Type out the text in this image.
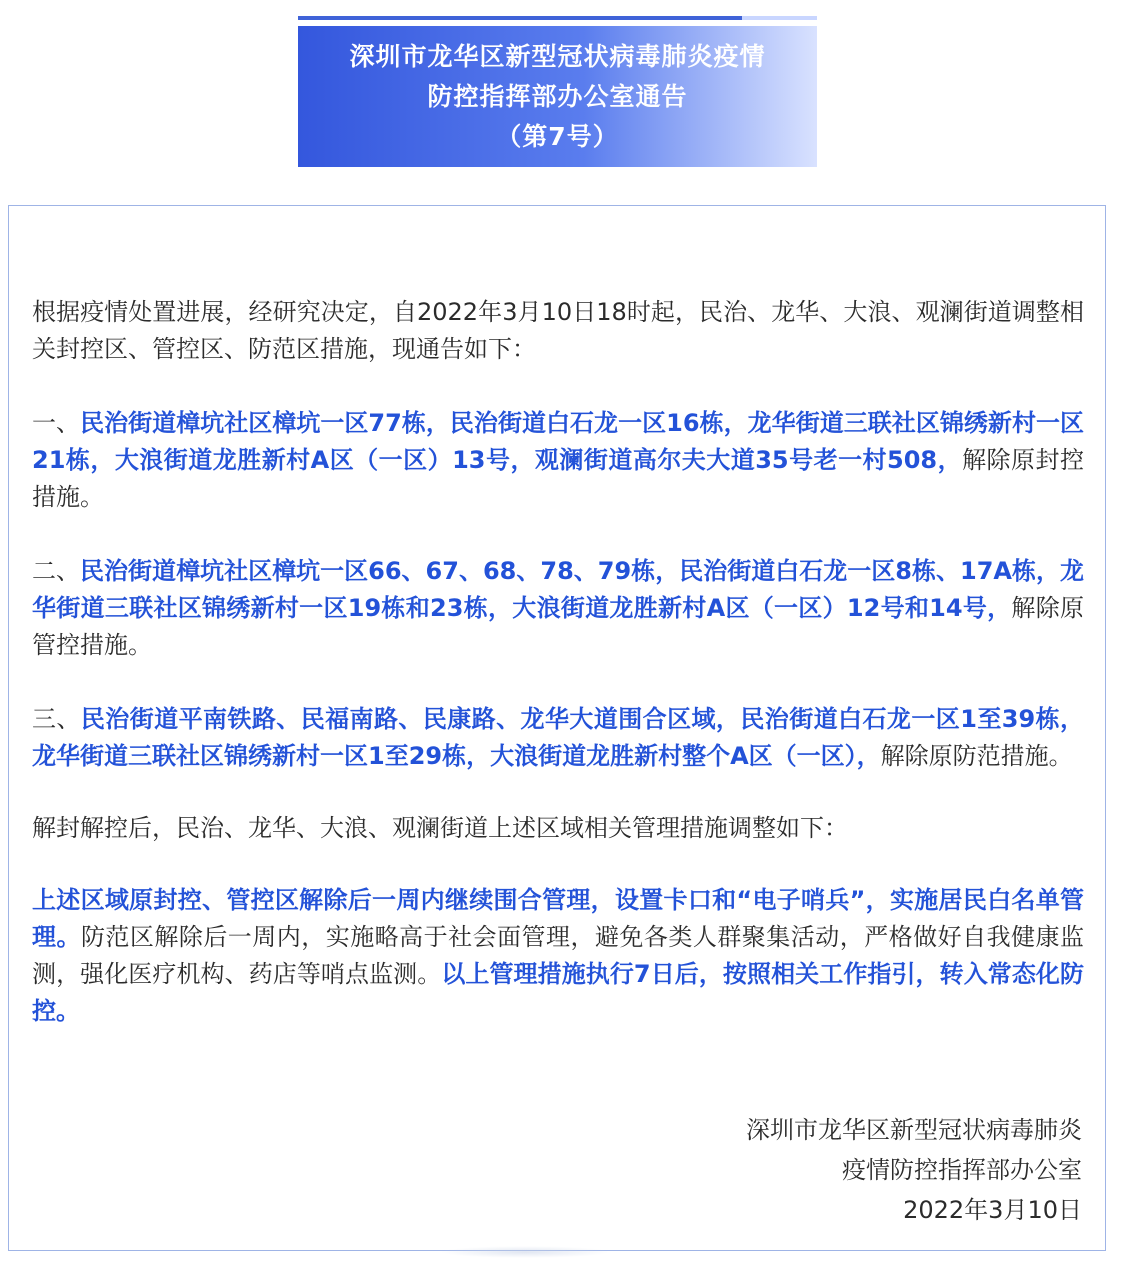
深圳市龙华区新型冠状病毒肺炎疫情
防控指挥部办公室通告
（第7号）

根据疫情处置进展，经研究决定，自2022年3月10日18时起，民治、龙华、大浪、观澜街道调整相关封控区、管控区、防范区措施，现通告如下：

一、民治街道樟坑社区樟坑一区77栋，民治街道白石龙一区16栋，龙华街道三联社区锦绣新村一区21栋，大浪街道龙胜新村A区（一区）13号，观澜街道高尔夫大道35号老一村508，解除原封控措施。

二、民治街道樟坑社区樟坑一区66、67、68、78、79栋，民治街道白石龙一区8栋、17A栋，龙华街道三联社区锦绣新村一区19栋和23栋，大浪街道龙胜新村A区（一区）12号和14号，解除原管控措施。

三、民治街道平南铁路、民福南路、民康路、龙华大道围合区域，民治街道白石龙一区1至39栋，龙华街道三联社区锦绣新村一区1至29栋，大浪街道龙胜新村整个A区（一区），解除原防范措施。

解封解控后，民治、龙华、大浪、观澜街道上述区域相关管理措施调整如下：

上述区域原封控、管控区解除后一周内继续围合管理，设置卡口和“电子哨兵”，实施居民白名单管理。防范区解除后一周内，实施略高于社会面管理，避免各类人群聚集活动，严格做好自我健康监测，强化医疗机构、药店等哨点监测。以上管理措施执行7日后，按照相关工作指引，转入常态化防控。

深圳市龙华区新型冠状病毒肺炎
疫情防控指挥部办公室
2022年3月10日
